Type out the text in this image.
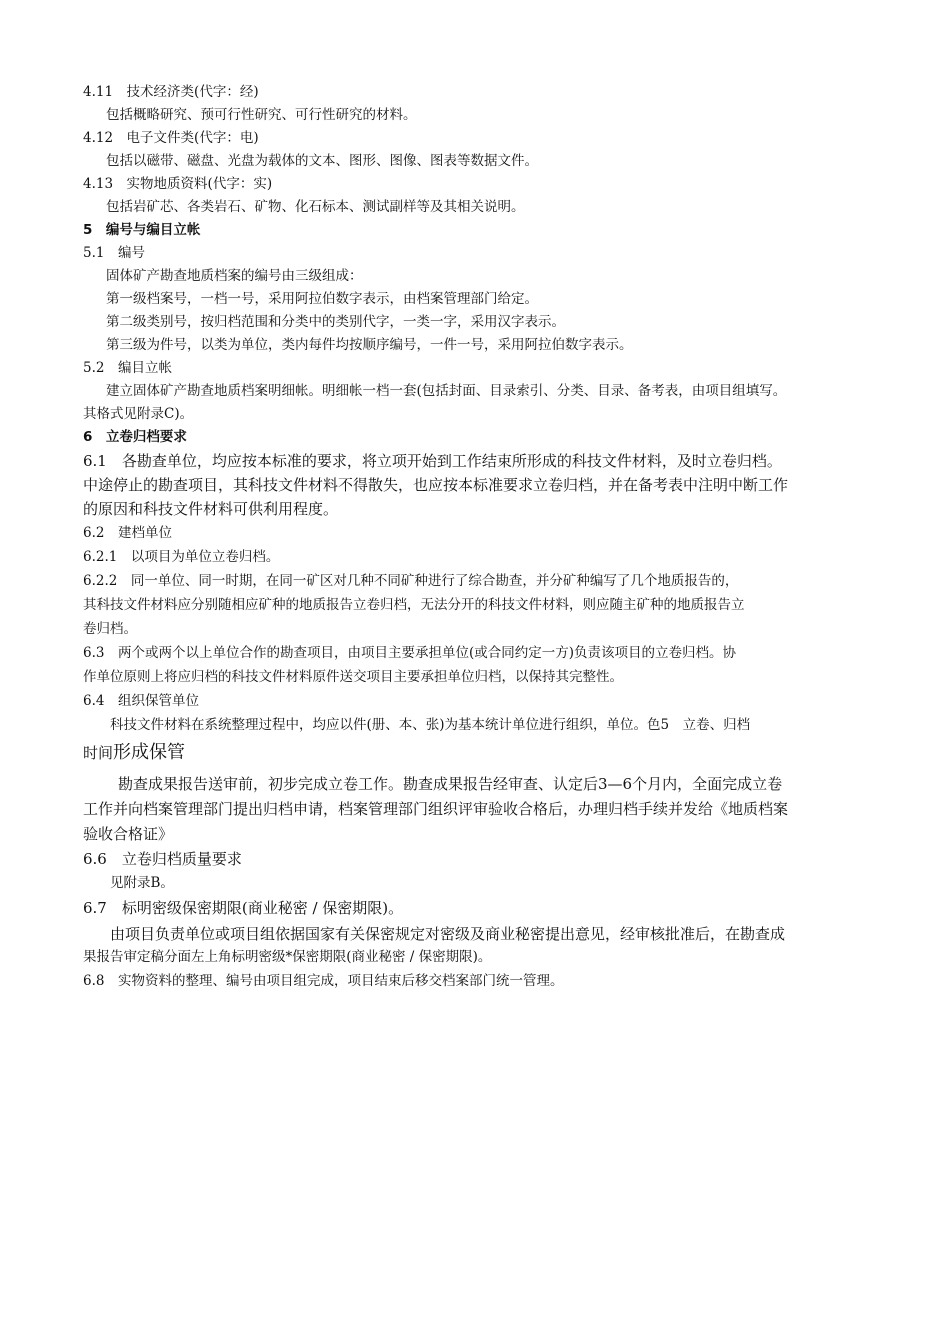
4.11　技术经济类(代字：经)
包括概略研究、预可行性研究、可行性研究的材料。
4.12　电子文件类(代字：电)
包括以磁带、磁盘、光盘为载体的文本、图形、图像、图表等数据文件。
4.13　实物地质资料(代字：实)
包括岩矿芯、各类岩石、矿物、化石标本、测试副样等及其相关说明。
5　编号与编目立帐
5.1　编号
固体矿产勘查地质档案的编号由三级组成：
第一级档案号，一档一号，采用阿拉伯数字表示，由档案管理部门给定。
第二级类别号，按归档范围和分类中的类别代字，一类一字，采用汉字表示。
第三级为件号，以类为单位，类内每件均按顺序编号，一件一号，采用阿拉伯数字表示。
5.2　编目立帐
建立固体矿产勘查地质档案明细帐。明细帐一档一套(包括封面、目录索引、分类、目录、备考表，由项目组填写。
其格式见附录C)。
6　立卷归档要求
6.1　各勘查单位，均应按本标准的要求，将立项开始到工作结束所形成的科技文件材料，及时立卷归档。
中途停止的勘查项目，其科技文件材料不得散失，也应按本标准要求立卷归档，并在备考表中注明中断工作
的原因和科技文件材料可供利用程度。
6.2　建档单位
6.2.1　以项目为单位立卷归档。
6.2.2　同一单位、同一时期，在同一矿区对几种不同矿种进行了综合勘查，并分矿种编写了几个地质报告的，
其科技文件材料应分别随相应矿种的地质报告立卷归档，无法分开的科技文件材料，则应随主矿种的地质报告立
卷归档。
6.3　两个或两个以上单位合作的勘查项目，由项目主要承担单位(或合同约定一方)负责该项目的立卷归档。协
作单位原则上将应归档的科技文件材料原件送交项目主要承担单位归档，以保持其完整性。
6.4　组织保管单位
科技文件材料在系统整理过程中，均应以件(册、本、张)为基本统计单位进行组织，单位。色5　立卷、归档
时间形成保管
勘查成果报告送审前，初步完成立卷工作。勘查成果报告经审查、认定后3—6个月内，全面完成立卷
工作并向档案管理部门提出归档申请，档案管理部门组织评审验收合格后，办理归档手续并发给《地质档案
验收合格证》
6.6　立卷归档质量要求
见附录B。
6.7　标明密级保密期限(商业秘密 / 保密期限)。
由项目负责单位或项目组依据国家有关保密规定对密级及商业秘密提出意见，经审核批准后，在勘查成
果报告审定稿分面左上角标明密级*保密期限(商业秘密 / 保密期限)。
6.8　实物资料的整理、编号由项目组完成，项目结束后移交档案部门统一管理。
